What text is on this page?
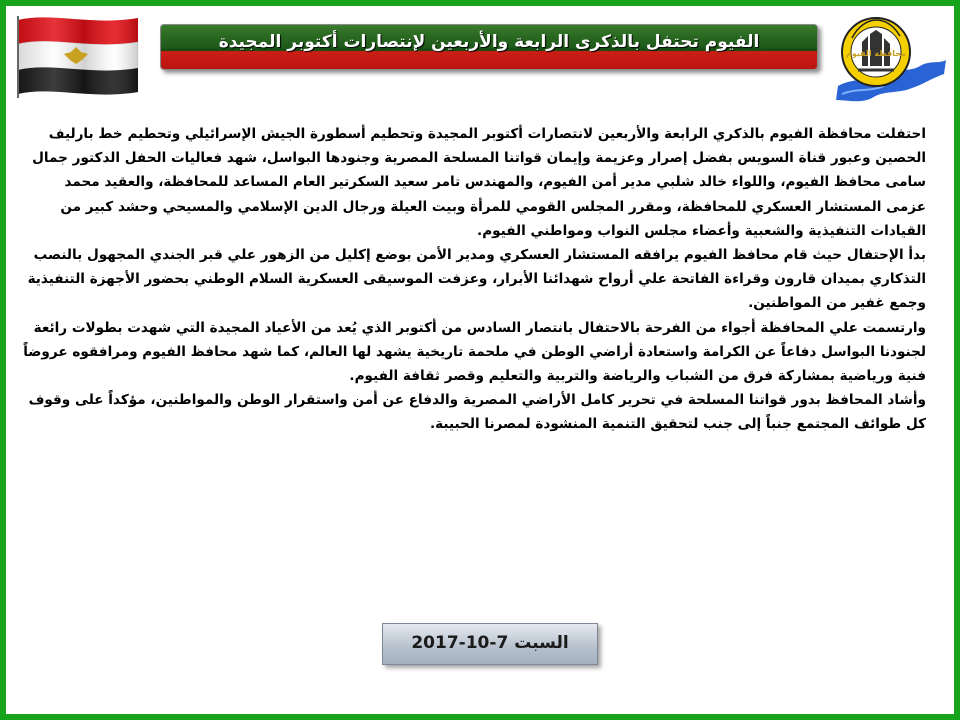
الفيوم تحتفل بالذكرى الرابعة والأربعين لإنتصارات أكتوبر المجيدة
محافظة الفيوم

احتفلت محافظة الفيوم بالذكري الرابعة والأربعين لانتصارات أكتوبر المجيدة وتحطيم أسطورة الجيش الإسرائيلي وتحطيم خط بارليف الحصين وعبور قناة السويس بفضل إصرار وعزيمة وإيمان قواتنا المسلحة المصرية وجنودها البواسل، شهد فعاليات الحفل الدكتور جمال سامى محافظ الفيوم، واللواء خالد شلبي مدير أمن الفيوم، والمهندس تامر سعيد السكرتير العام المساعد للمحافظة، والعقيد محمد عزمى المستشار العسكري للمحافظة، ومقرر المجلس القومي للمرأة وبيت العيلة ورجال الدين الإسلامي والمسيحي وحشد كبير من القيادات التنفيذية والشعبية وأعضاء مجلس النواب ومواطني الفيوم.

بدأ الإحتفال حيث قام محافظ الفيوم يرافقه المستشار العسكري ومدير الأمن بوضع إكليل من الزهور علي قبر الجندي المجهول بالنصب التذكاري بميدان قارون وقراءة الفاتحة علي أرواح شهدائنا الأبرار، وعزفت الموسيقى العسكرية السلام الوطني بحضور الأجهزة التنفيذية وجمع غفير من المواطنين.

وارتسمت علي المحافظة أجواء من الفرحة بالاحتفال بانتصار السادس من أكتوبر الذي يُعد من الأعياد المجيدة التي شهدت بطولات رائعة لجنودنا البواسل دفاعاً عن الكرامة واستعادة أراضي الوطن في ملحمة تاريخية يشهد لها العالم، كما شهد محافظ الفيوم ومرافقوه عروضاً فنية ورياضية بمشاركة فرق من الشباب والرياضة والتربية والتعليم وقصر ثقافة الفيوم.

وأشاد المحافظ بدور قواتنا المسلحة في تحرير كامل الأراضي المصرية والدفاع عن أمن واستقرار الوطن والمواطنين، مؤكداً على وقوف كل طوائف المجتمع جنباً إلى جنب لتحقيق التنمية المنشودة لمصرنا الحبيبة.

السبت 7-10-2017
